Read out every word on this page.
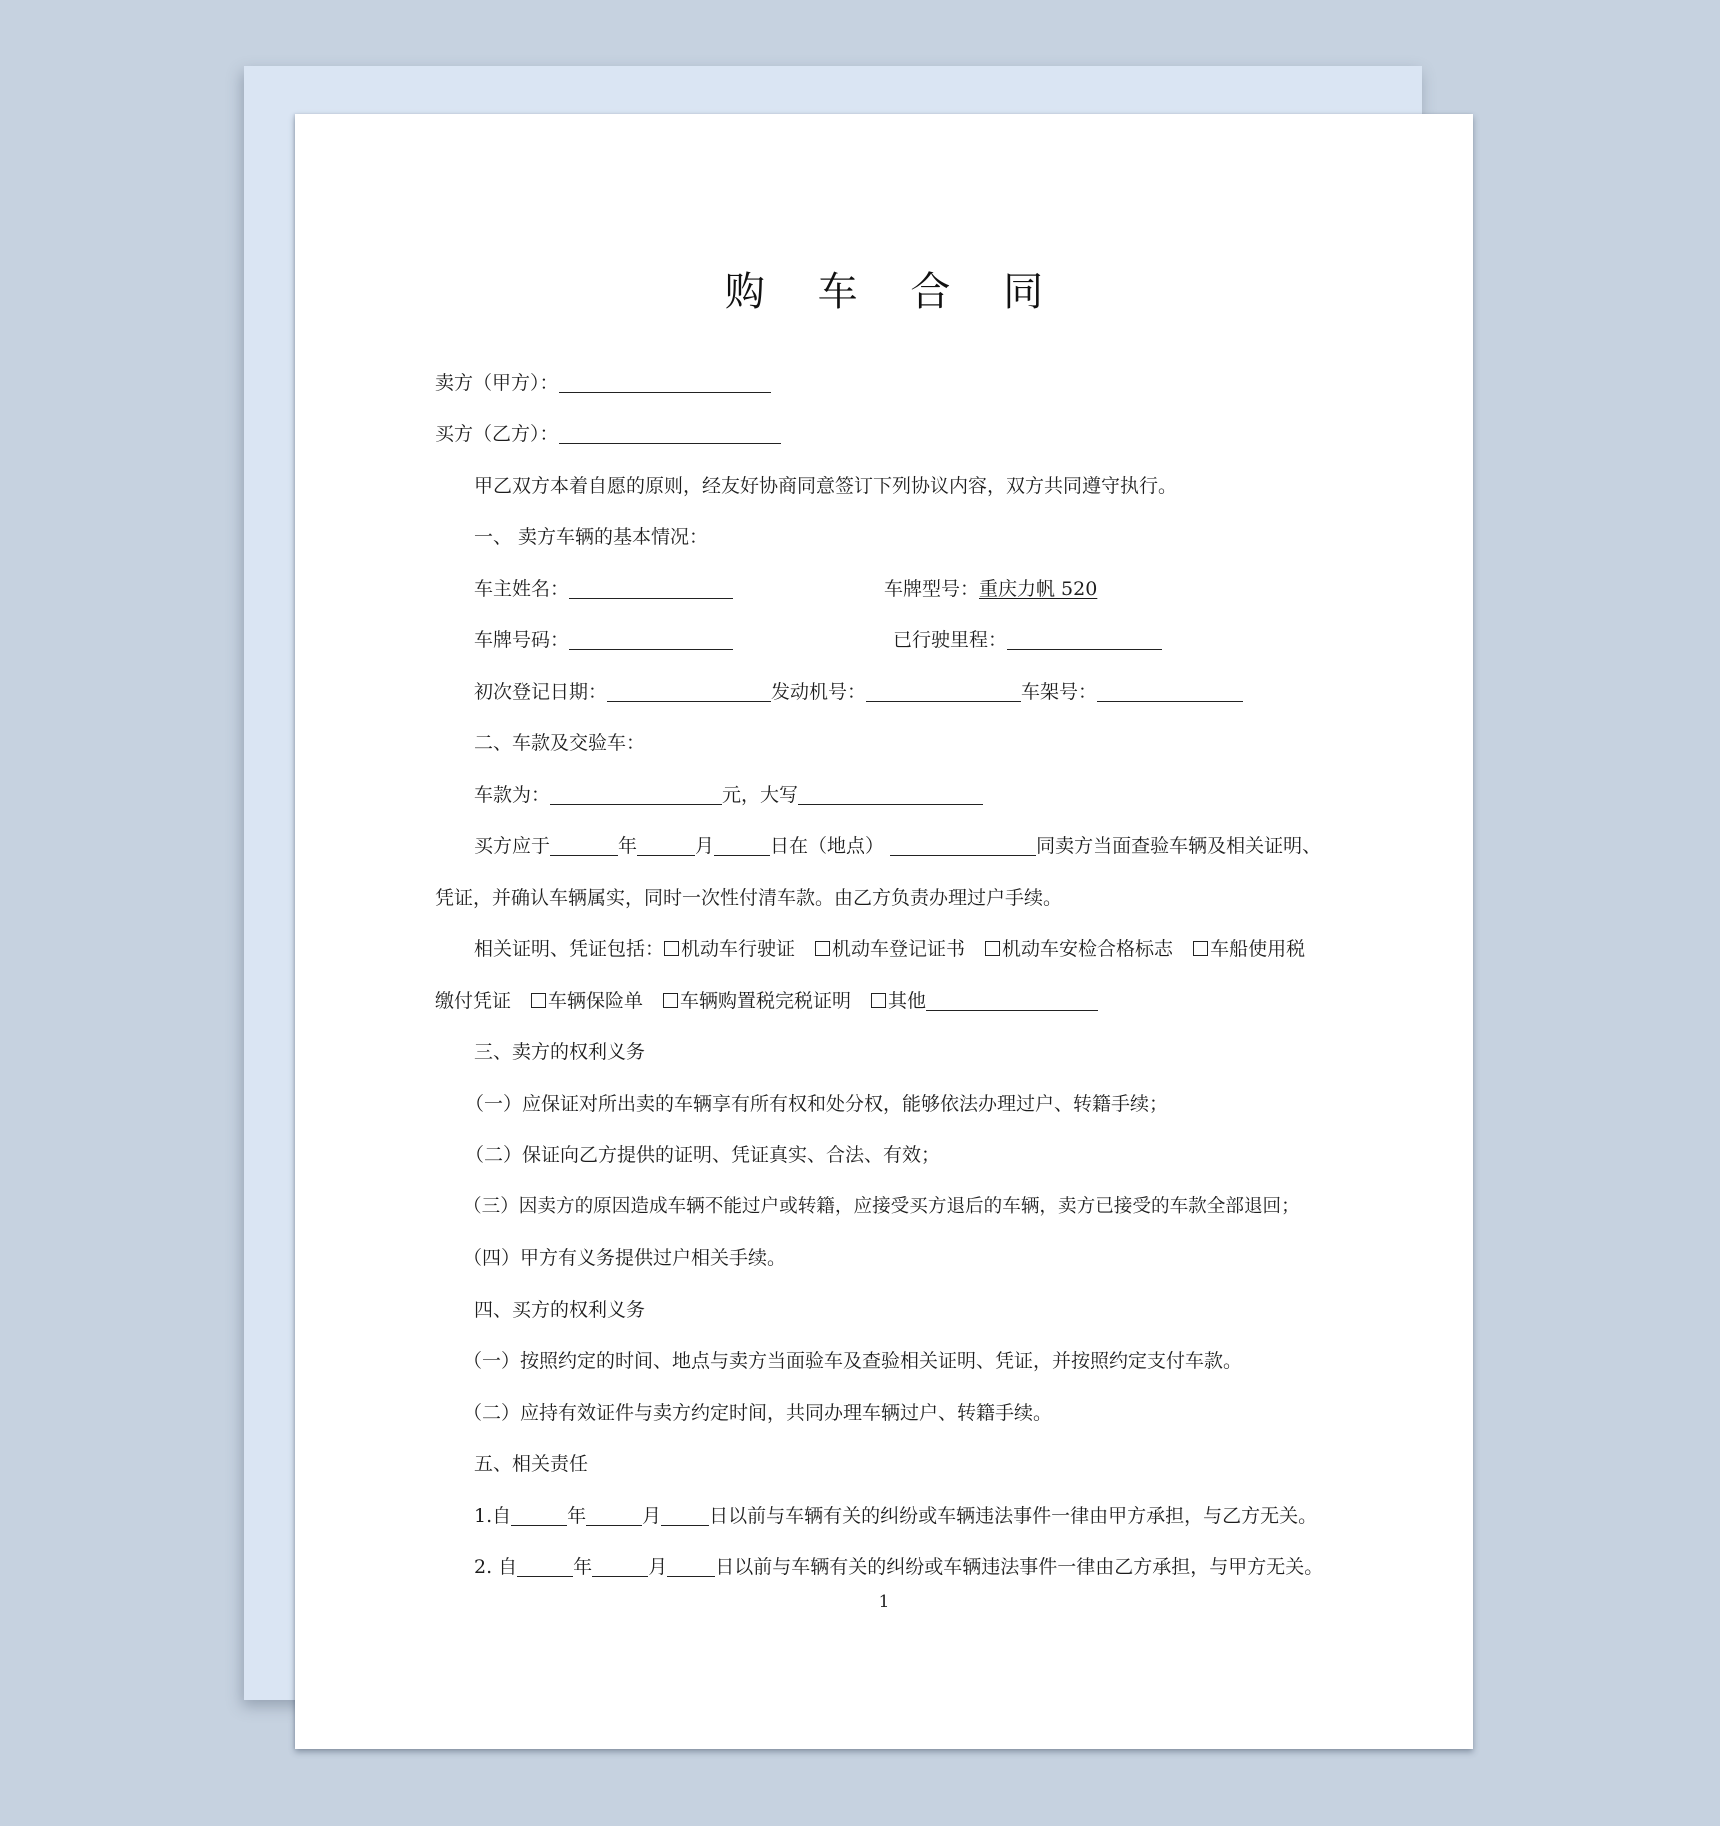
购 车 合 同
卖方（甲方）：
买方（乙方）：
甲乙双方本着自愿的原则，经友好协商同意签订下列协议内容，双方共同遵守执行。
一、 卖方车辆的基本情况：
车主姓名：	车牌型号：重庆力帆 520
车牌号码：	已行驶里程：
初次登记日期：	发动机号：	车架号：
二、车款及交验车：
车款为：	元，大写
买方应于	年	月	日在（地点）	同卖方当面查验车辆及相关证明、
凭证，并确认车辆属实，同时一次性付清车款。由乙方负责办理过户手续。
相关证明、凭证包括： 机动车行驶证 机动车登记证书 机动车安检合格标志 车船使用税
缴付凭证 车辆保险单 车辆购置税完税证明 其他
三、卖方的权利义务
（一）应保证对所出卖的车辆享有所有权和处分权，能够依法办理过户、转籍手续；
（二）保证向乙方提供的证明、凭证真实、合法、有效；
（三）因卖方的原因造成车辆不能过户或转籍，应接受买方退后的车辆，卖方已接受的车款全部退回；
（四）甲方有义务提供过户相关手续。
四、买方的权利义务
（一）按照约定的时间、地点与卖方当面验车及查验相关证明、凭证，并按照约定支付车款。
（二）应持有效证件与卖方约定时间，共同办理车辆过户、转籍手续。
五、相关责任
1.自	年	月	日以前与车辆有关的纠纷或车辆违法事件一律由甲方承担，与乙方无关。
2. 自	年	月	日以前与车辆有关的纠纷或车辆违法事件一律由乙方承担，与甲方无关。
1
